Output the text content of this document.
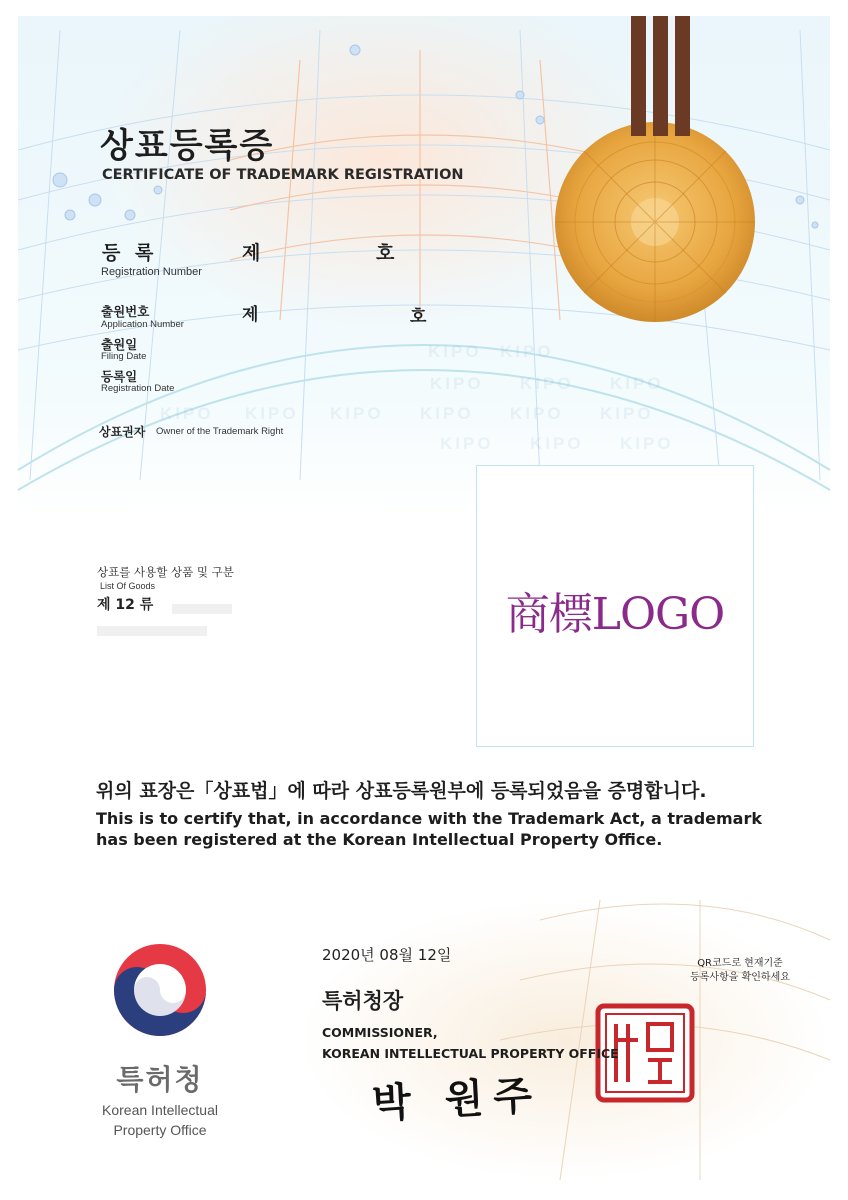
KIPO KIPO
KIPO KIPO KIPO
KIPO KIPO KIPO KIPO KIPO KIPO
KIPO KIPO KIPO
상표등록증
CERTIFICATE OF TRADEMARK REGISTRATION
등 록	제	호
Registration Number
출원번호	제	호
Application Number
출원일
Filing Date
등록일
Registration Date
상표권자 Owner of the Trademark Right
상표를 사용할 상품 및 구분
List Of Goods
제 12 류	商標LOGO
위의 표장은「상표법」에 따라 상표등록원부에 등록되었음을 증명합니다.
This is to certify that, in accordance with the Trademark Act, a trademark
has been registered at the Korean Intellectual Property Office.
2020년 08월 12일
특허청장
COMMISSIONER,
KOREAN INTELLECTUAL PROPERTY OFFICE
박 원주
QR코드로 현재기준
등록사항을 확인하세요
특허청
Korean Intellectual
Property Office
